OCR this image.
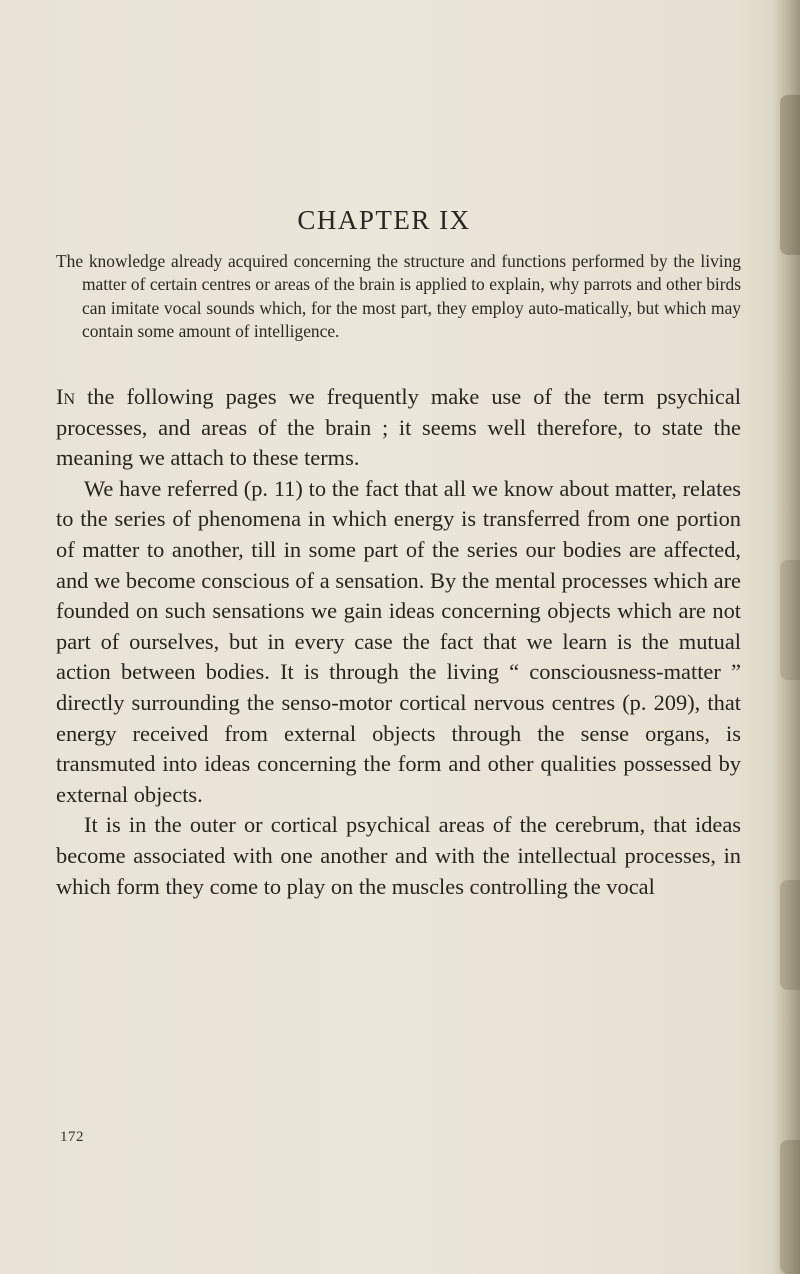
CHAPTER IX

The knowledge already acquired concerning the structure and functions performed by the living matter of certain centres or areas of the brain is applied to explain, why parrots and other birds can imitate vocal sounds which, for the most part, they employ auto-matically, but which may contain some amount of intelligence.

In the following pages we frequently make use of the term psychical processes, and areas of the brain ; it seems well therefore, to state the meaning we attach to these terms.

We have referred (p. 11) to the fact that all we know about matter, relates to the series of phenomena in which energy is transferred from one portion of matter to another, till in some part of the series our bodies are affected, and we become conscious of a sensation. By the mental processes which are founded on such sensations we gain ideas concerning objects which are not part of ourselves, but in every case the fact that we learn is the mutual action between bodies. It is through the living “ consciousness-matter ” directly surrounding the senso-motor cortical nervous centres (p. 209), that energy received from external objects through the sense organs, is transmuted into ideas concerning the form and other qualities possessed by external objects.

It is in the outer or cortical psychical areas of the cerebrum, that ideas become associated with one another and with the intellectual processes, in which form they come to play on the muscles controlling the vocal

172
